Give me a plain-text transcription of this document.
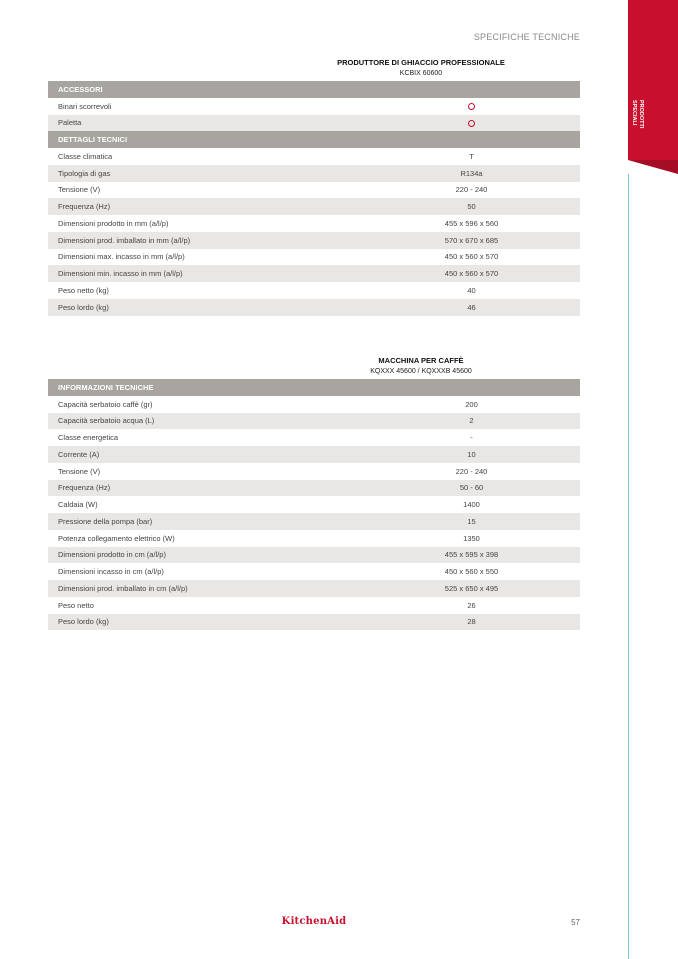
SPECIFICHE TECNICHE
PRODOTTI
SPECIALI
PRODUTTORE DI GHIACCIO PROFESSIONALE
KCBIX 60600
ACCESSORI	
Binari scorrevoli	
Paletta	
DETTAGLI TECNICI	
Classe climatica	T
Tipologia di gas	R134a
Tensione (V)	220 - 240
Frequenza (Hz)	50
Dimensioni prodotto in mm (a/l/p)	455 x 596 x 560
Dimensioni prod. imballato in mm (a/l/p)	570 x 670 x 685
Dimensioni max. incasso in mm (a/l/p)	450 x 560 x 570
Dimensioni min. incasso in mm (a/l/p)	450 x 560 x 570
Peso netto (kg)	40
Peso lordo (kg)	46
MACCHINA PER CAFFÈ
KQXXX 45600 / KQXXXB 45600
INFORMAZIONI TECNICHE	
Capacità serbatoio caffè (gr)	200
Capacità serbatoio acqua (L)	2
Classe energetica	-
Corrente (A)	10
Tensione (V)	220 - 240
Frequenza (Hz)	50 - 60
Caldaia (W)	1400
Pressione della pompa (bar)	15
Potenza collegamento elettrico (W)	1350
Dimensioni prodotto in cm (a/l/p)	455 x 595 x 398
Dimensioni incasso in cm (a/l/p)	450 x 560 x 550
Dimensioni prod. imballato in cm (a/l/p)	525 x 650 x 495
Peso netto	26
Peso lordo (kg)	28
KitchenAid	57
